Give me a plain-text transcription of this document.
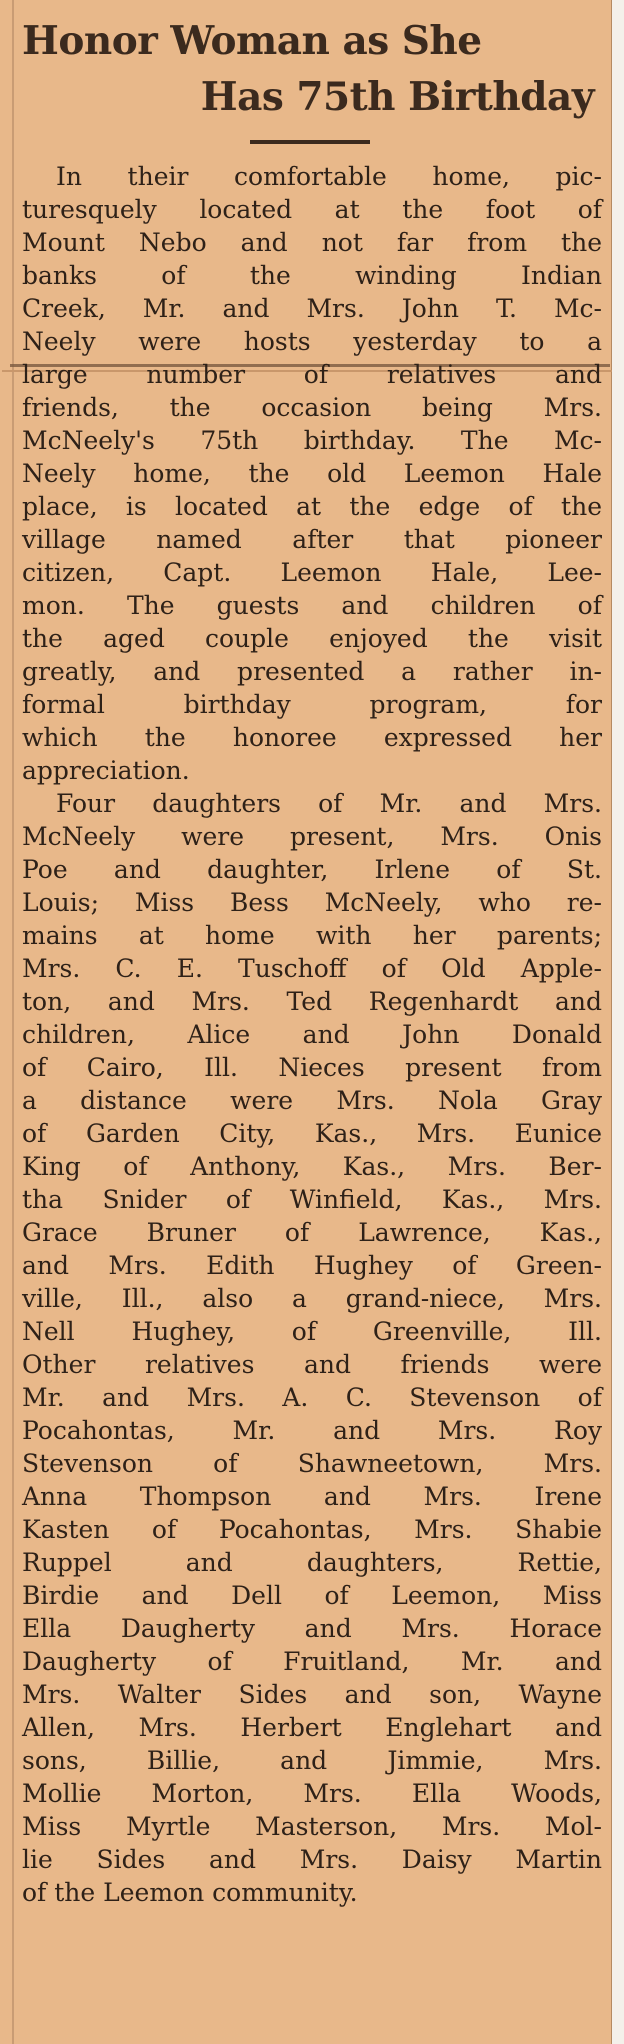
Honor Woman as She
Has 75th Birthday
In their comfortable home, pic-
turesquely located at the foot of
Mount Nebo and not far from the
banks of the winding Indian
Creek, Mr. and Mrs. John T. Mc-
Neely were hosts yesterday to a
large number of relatives and
friends, the occasion being Mrs.
McNeely's 75th birthday. The Mc-
Neely home, the old Leemon Hale
place, is located at the edge of the
village named after that pioneer
citizen, Capt. Leemon Hale, Lee-
mon. The guests and children of
the aged couple enjoyed the visit
greatly, and presented a rather in-
formal birthday program, for
which the honoree expressed her
appreciation.
Four daughters of Mr. and Mrs.
McNeely were present, Mrs. Onis
Poe and daughter, Irlene of St.
Louis; Miss Bess McNeely, who re-
mains at home with her parents;
Mrs. C. E. Tuschoff of Old Apple-
ton, and Mrs. Ted Regenhardt and
children, Alice and John Donald
of Cairo, Ill. Nieces present from
a distance were Mrs. Nola Gray
of Garden City, Kas., Mrs. Eunice
King of Anthony, Kas., Mrs. Ber-
tha Snider of Winfield, Kas., Mrs.
Grace Bruner of Lawrence, Kas.,
and Mrs. Edith Hughey of Green-
ville, Ill., also a grand-niece, Mrs.
Nell Hughey, of Greenville, Ill.
Other relatives and friends were
Mr. and Mrs. A. C. Stevenson of
Pocahontas, Mr. and Mrs. Roy
Stevenson of Shawneetown, Mrs.
Anna Thompson and Mrs. Irene
Kasten of Pocahontas, Mrs. Shabie
Ruppel and daughters, Rettie,
Birdie and Dell of Leemon, Miss
Ella Daugherty and Mrs. Horace
Daugherty of Fruitland, Mr. and
Mrs. Walter Sides and son, Wayne
Allen, Mrs. Herbert Englehart and
sons, Billie, and Jimmie, Mrs.
Mollie Morton, Mrs. Ella Woods,
Miss Myrtle Masterson, Mrs. Mol-
lie Sides and Mrs. Daisy Martin
of the Leemon community.
